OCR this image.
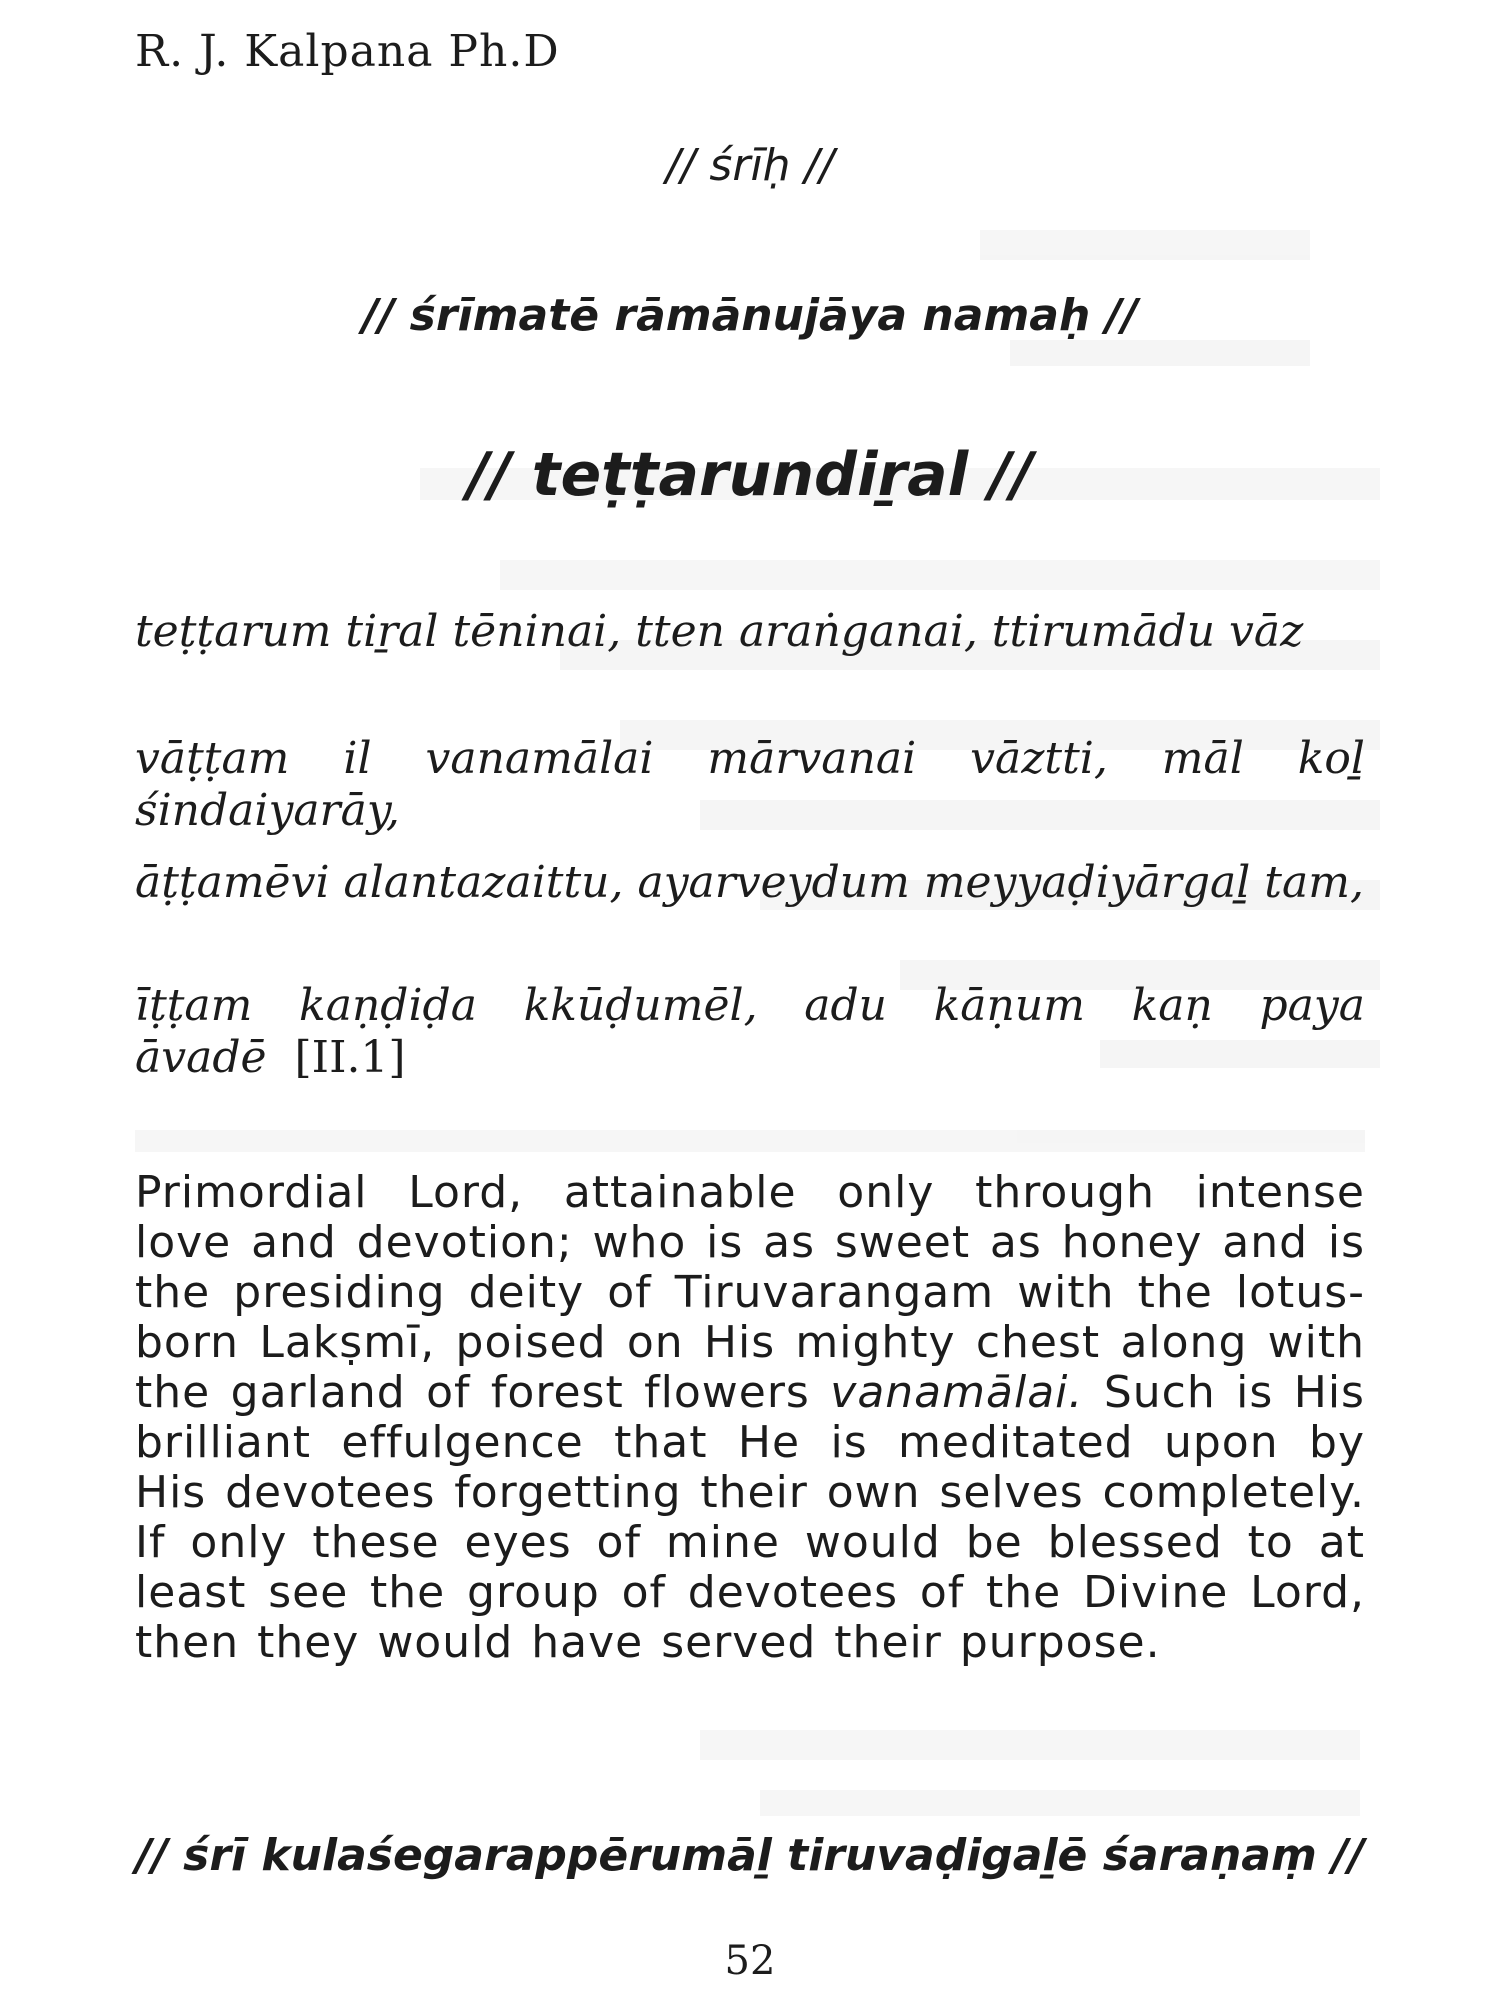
R. J. Kalpana Ph.D
// śrīḥ //
// śrīmatē rāmānujāya namaḥ //
// teṭṭarundiṟal //

teṭṭarum tiṟal tēninai, tten araṅganai, ttirumādu vāz

vāṭṭam il vanamālai mārvanai vāztti, māl koḻ śindaiyarāy,

āṭṭamēvi alantazaittu, ayarveydum meyyaḍiyārgaḻ tam,

īṭṭam kaṇḍiḍa kkūḍumēl, adu kāṇum kaṇ paya āvadē [II.1]

Primordial Lord, attainable only through intense love and devotion; who is as sweet as honey and is the presiding deity of Tiruvarangam with the lotus-born Lakṣmī, poised on His mighty chest along with the garland of forest flowers vanamālai. Such is His brilliant effulgence that He is meditated upon by His devotees forgetting their own selves completely. If only these eyes of mine would be blessed to at least see the group of devotees of the Divine Lord, then they would have served their purpose.

// śrī kulaśegarappērumāḻ tiruvaḍigaḻē śaraṇaṃ //
52
